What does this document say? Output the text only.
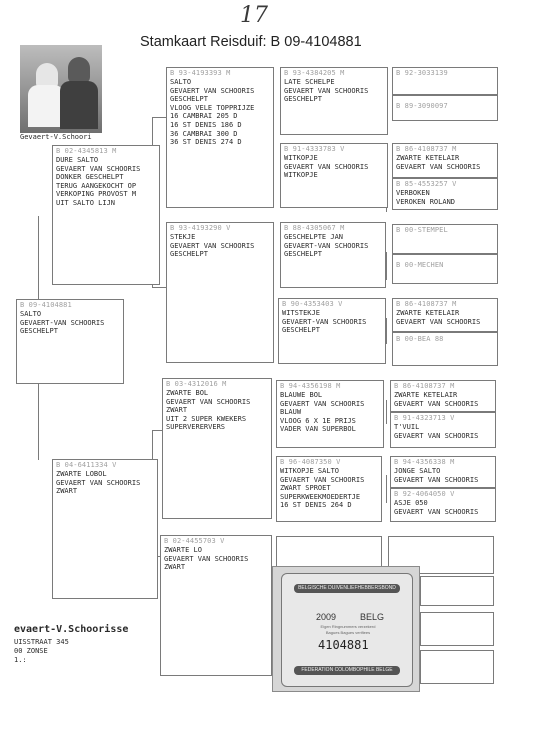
17
Stamkaart Reisduif: B 09-4104881
Gevaert-V.Schoori
B 09-4104881
SALTO
GEVAERT-VAN SCHOORIS
GESCHELPT
B 02-4345813 M
DURE SALTO
GEVAERT VAN SCHOORIS
DONKER GESCHELPT
TERUG AANGEKOCHT OP
VERKOPING PROVOST M
UIT SALTO LIJN
B 04-6411334 V
ZWARTE LOBOL
GEVAERT VAN SCHOORIS
ZWART
B 93-4193393 M
SALTO
GEVAERT VAN SCHOORIS
GESCHELPT
VLOOG VELE TOPPRIJZE
16 CAMBRAI 205 D
16 ST DENIS 186 D
36 CAMBRAI 300 D
36 ST DENIS 274 D
B 93-4193290 V
STEKJE
GEVAERT VAN SCHOORIS
GESCHELPT
B 03-4312016 M
ZWARTE BOL
GEVAERT VAN SCHOORIS
ZWART
UIT 2 SUPER KWEKERS
SUPERVERERVERS
B 02-4455703 V
ZWARTE LO
GEVAERT VAN SCHOORIS
ZWART
B 93-4384205 M
LATE SCHELPE
GEVAERT VAN SCHOORIS
GESCHELPT
B 91-4333783 V
WITKOPJE
GEVAERT VAN SCHOORIS
WITKOPJE
B 88-4305067 M
GESCHELPTE JAN
GEVAERT-VAN SCHOORIS
GESCHELPT
B 90-4353403 V
WITSTEKJE
GEVAERT-VAN SCHOORIS
GESCHELPT
B 94-4356198 M
BLAUWE BOL
GEVAERT VAN SCHOORIS
BLAUW
VLOOG 6 X 1E PRIJS
VADER VAN SUPERBOL
B 96-4087350 V
WITKOPJE SALTO
GEVAERT VAN SCHOORIS
ZWART SPROET
SUPERKWEEKMOEDERTJE
16 ST DENIS 264 D
B 92-3033139
B 89-3090097
B 86-4108737 M
ZWARTE KETELAIR
GEVAERT VAN SCHOORIS
B 85-4553257 V
VERBOKEN
VEROKEN ROLAND
B 00-STEMPEL
B 00-MECHEN
B 86-4108737 M
ZWARTE KETELAIR
GEVAERT VAN SCHOORIS
B 00-BEA 88
B 86-4108737 M
ZWARTE KETELAIR
GEVAERT VAN SCHOORIS
B 91-4323713 V
T'VUIL
GEVAERT VAN SCHOORIS
B 94-4356338 M
JONGE SALTO
GEVAERT VAN SCHOORIS
B 92-4064050 V
ASJE 050
GEVAERT VAN SCHOORIS
evaert-V.Schoorisse
UISSTRAAT 345
00 ZONSE
1.:
BELGISCHE DUIVENLIEFHEBBERSBOND
2009	BELG
Eigen Ringnummers verzekerd
Bagues Bagues verifiees
4104881
FEDERATION COLOMBOPHILE BELGE
